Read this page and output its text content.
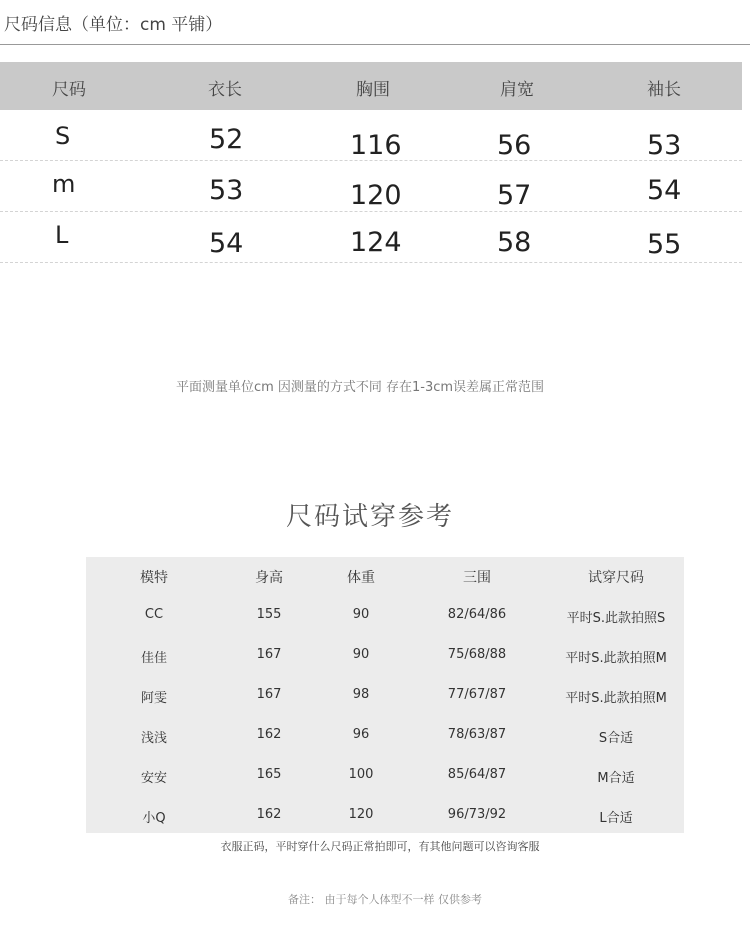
尺码信息（单位：cm 平铺）
尺码	衣长	胸围	肩宽	袖长
S	52	116	56	53
m	53	120	57	54
L	54	124	58	55
平面测量单位cm 因测量的方式不同 存在1-3cm误差属正常范围
尺码试穿参考
模特	身高	体重	三围	试穿尺码
CC	155	90	82/64/86	平时S.此款拍照S
佳佳	167	90	75/68/88	平时S.此款拍照M
阿雯	167	98	77/67/87	平时S.此款拍照M
浅浅	162	96	78/63/87	S合适
安安	165	100	85/64/87	M合适
小Q	162	120	96/73/92	L合适
衣服正码，平时穿什么尺码正常拍即可，有其他问题可以咨询客服
备注： 由于每个人体型不一样 仅供参考
